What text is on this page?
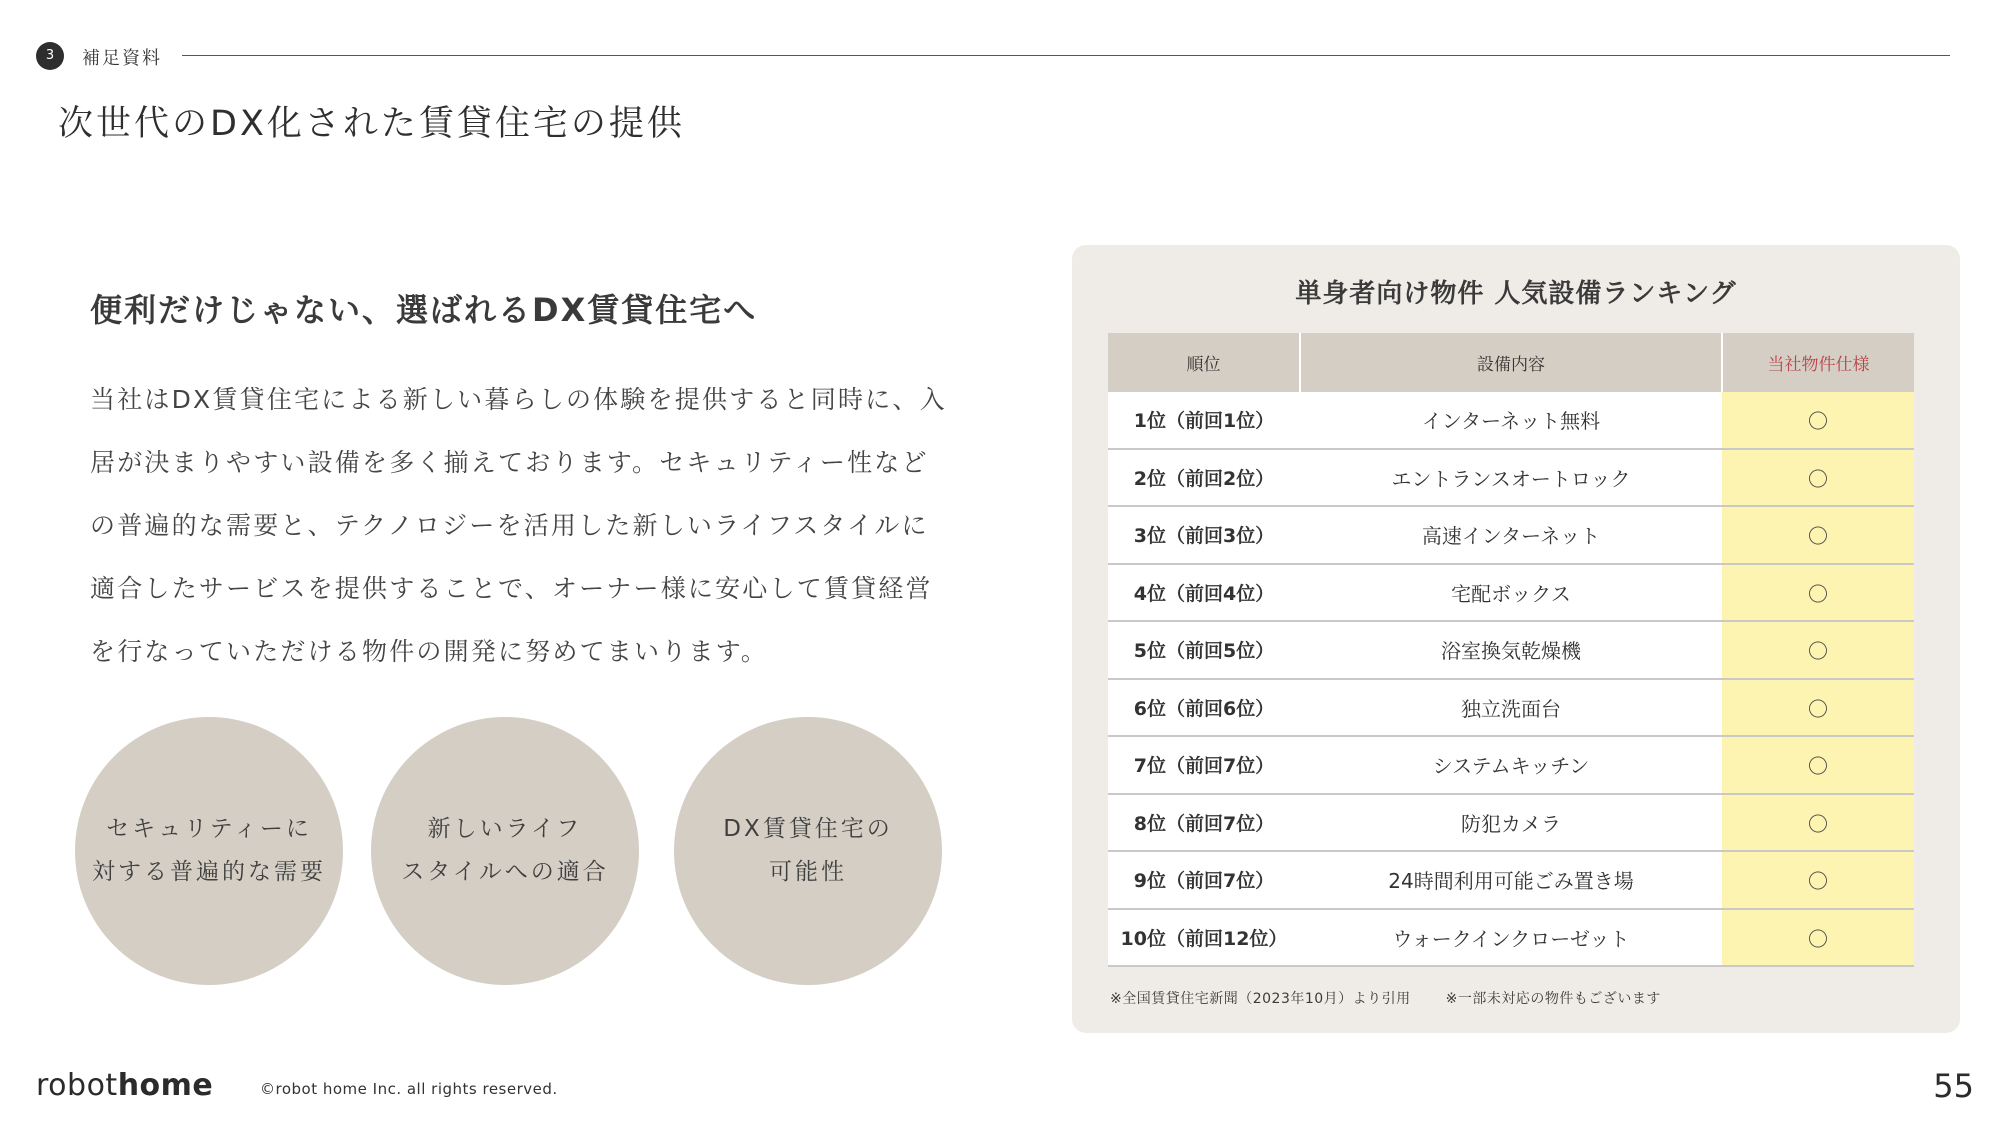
3	補足資料
次世代のDX化された賃貸住宅の提供
便利だけじゃない、選ばれるDX賃貸住宅へ
当社はDX賃貸住宅による新しい暮らしの体験を提供すると同時に、入
居が決まりやすい設備を多く揃えております。セキュリティー性など
の普遍的な需要と、テクノロジーを活用した新しいライフスタイルに
適合したサービスを提供することで、オーナー様に安心して賃貸経営
を行なっていただける物件の開発に努めてまいります。
セキュリティーに
対する普遍的な需要
新しいライフ
スタイルへの適合
DX賃貸住宅の
可能性
単身者向け物件 人気設備ランキング
順位	設備内容	当社物件仕様
1位（前回1位）	インターネット無料	〇
2位（前回2位）	エントランスオートロック	〇
3位（前回3位）	高速インターネット	〇
4位（前回4位）	宅配ボックス	〇
5位（前回5位）	浴室換気乾燥機	〇
6位（前回6位）	独立洗面台	〇
7位（前回7位）	システムキッチン	〇
8位（前回7位）	防犯カメラ	〇
9位（前回7位）	24時間利用可能ごみ置き場	〇
10位（前回12位）	ウォークインクローゼット	〇
※全国賃貸住宅新聞（2023年10月）より引用 ※一部未対応の物件もございます
robothome	©robot home Inc. all rights reserved.	55
